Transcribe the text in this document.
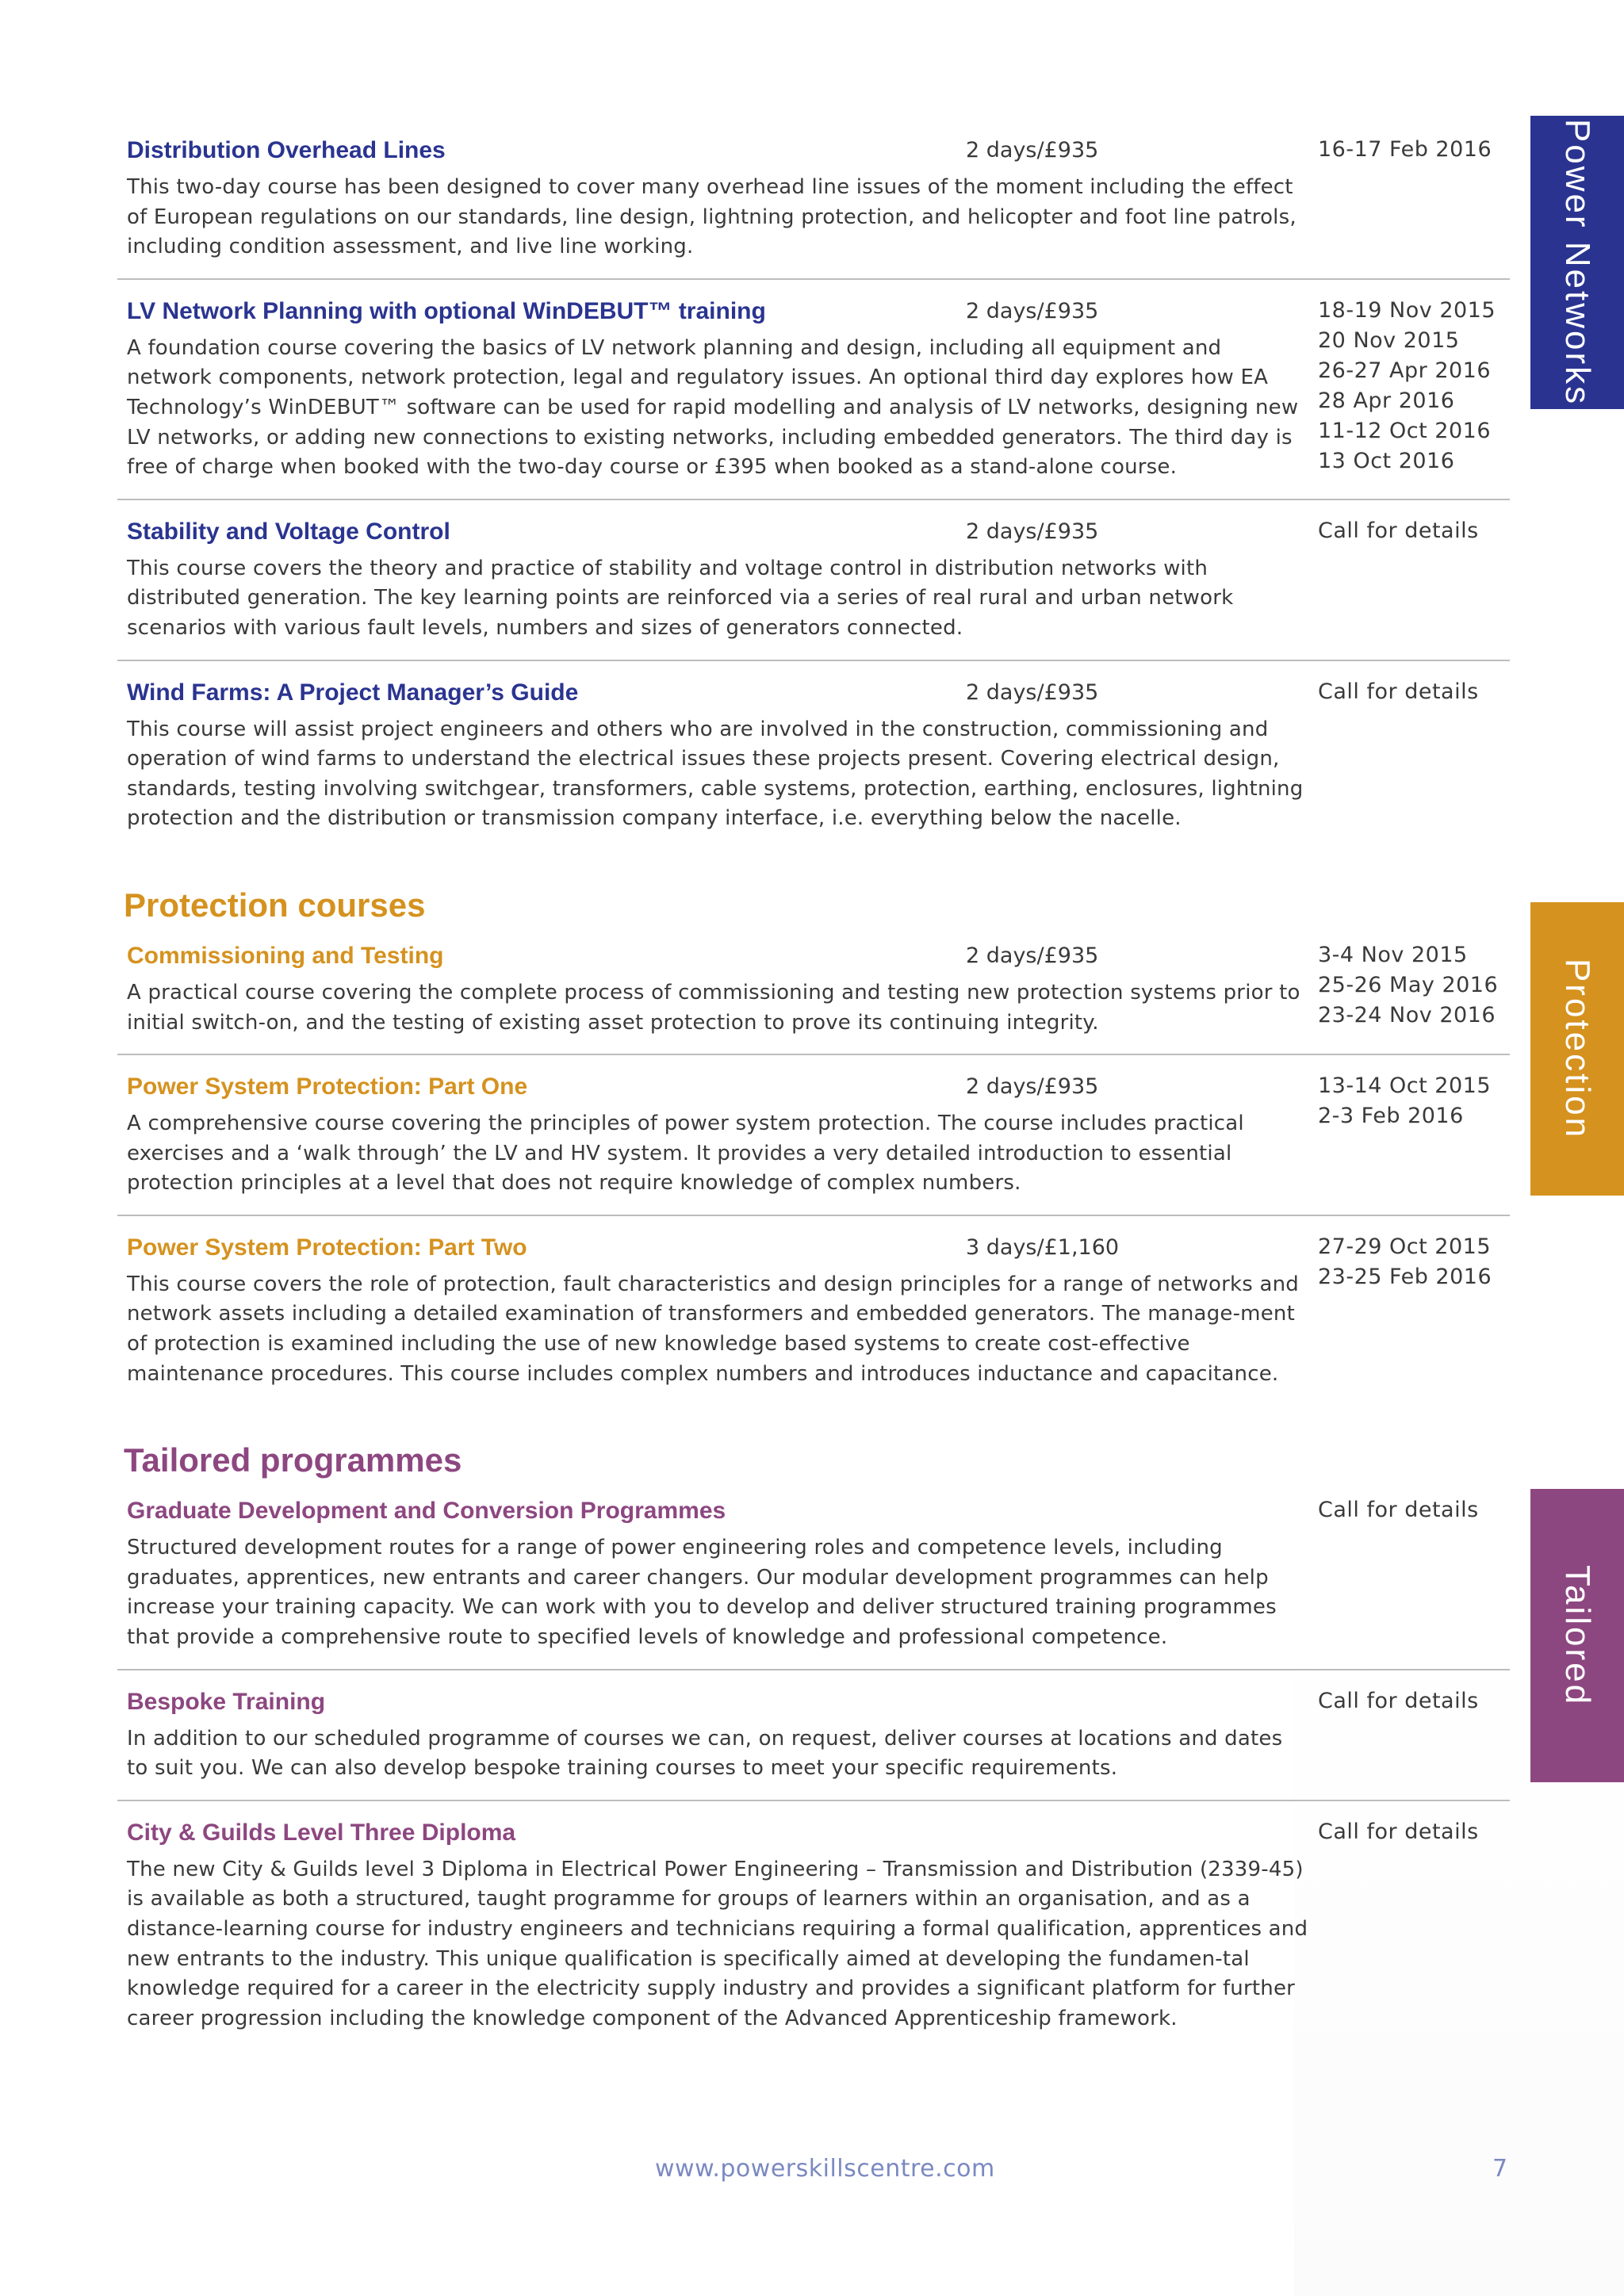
Distribution Overhead Lines	2 days/£935	16-17 Feb 2016

This two-day course has been designed to cover many overhead line issues of the moment including the effect of European regulations on our standards, line design, lightning protection, and helicopter and foot line patrols, including condition assessment, and live line working.

LV Network Planning with optional WinDEBUT™ training	2 days/£935	18-19 Nov 2015
20 Nov 2015
26-27 Apr 2016
28 Apr 2016
11-12 Oct 2016
13 Oct 2016

A foundation course covering the basics of LV network planning and design, including all equipment and network components, network protection, legal and regulatory issues. An optional third day explores how EA Technology’s WinDEBUT™ software can be used for rapid modelling and analysis of LV networks, designing new LV networks, or adding new connections to existing networks, including embedded generators. The third day is free of charge when booked with the two-day course or £395 when booked as a stand-alone course.

Stability and Voltage Control	2 days/£935	Call for details

This course covers the theory and practice of stability and voltage control in distribution networks with distributed generation. The key learning points are reinforced via a series of real rural and urban network scenarios with various fault levels, numbers and sizes of generators connected.

Wind Farms: A Project Manager’s Guide	2 days/£935	Call for details

This course will assist project engineers and others who are involved in the construction, commissioning and operation of wind farms to understand the electrical issues these projects present. Covering electrical design, standards, testing involving switchgear, transformers, cable systems, protection, earthing, enclosures, lightning protection and the distribution or transmission company interface, i.e. everything below the nacelle.

Protection courses
Commissioning and Testing	2 days/£935	3-4 Nov 2015
25-26 May 2016
23-24 Nov 2016

A practical course covering the complete process of commissioning and testing new protection systems prior to initial switch-on, and the testing of existing asset protection to prove its continuing integrity.

Power System Protection: Part One	2 days/£935	13-14 Oct 2015
2-3 Feb 2016

A comprehensive course covering the principles of power system protection. The course includes practical exercises and a ‘walk through’ the LV and HV system. It provides a very detailed introduction to essential protection principles at a level that does not require knowledge of complex numbers.

Power System Protection: Part Two	3 days/£1,160	27-29 Oct 2015
23-25 Feb 2016

This course covers the role of protection, fault characteristics and design principles for a range of networks and network assets including a detailed examination of transformers and embedded generators. The manage-ment of protection is examined including the use of new knowledge based systems to create cost-effective maintenance procedures. This course includes complex numbers and introduces inductance and capacitance.

Tailored programmes
Graduate Development and Conversion Programmes	Call for details

Structured development routes for a range of power engineering roles and competence levels, including graduates, apprentices, new entrants and career changers. Our modular development programmes can help increase your training capacity. We can work with you to develop and deliver structured training programmes that provide a comprehensive route to specified levels of knowledge and professional competence.

Bespoke Training	Call for details

In addition to our scheduled programme of courses we can, on request, deliver courses at locations and dates to suit you. We can also develop bespoke training courses to meet your specific requirements.

City & Guilds Level Three Diploma	Call for details

The new City & Guilds level 3 Diploma in Electrical Power Engineering – Transmission and Distribution (2339-45) is available as both a structured, taught programme for groups of learners within an organisation, and as a distance-learning course for industry engineers and technicians requiring a formal qualification, apprentices and new entrants to the industry. This unique qualification is specifically aimed at developing the fundamen-tal knowledge required for a career in the electricity supply industry and provides a significant platform for further career progression including the knowledge component of the Advanced Apprenticeship framework.

Power Networks
Protection
Tailored
www.powerskillscentre.com	7
